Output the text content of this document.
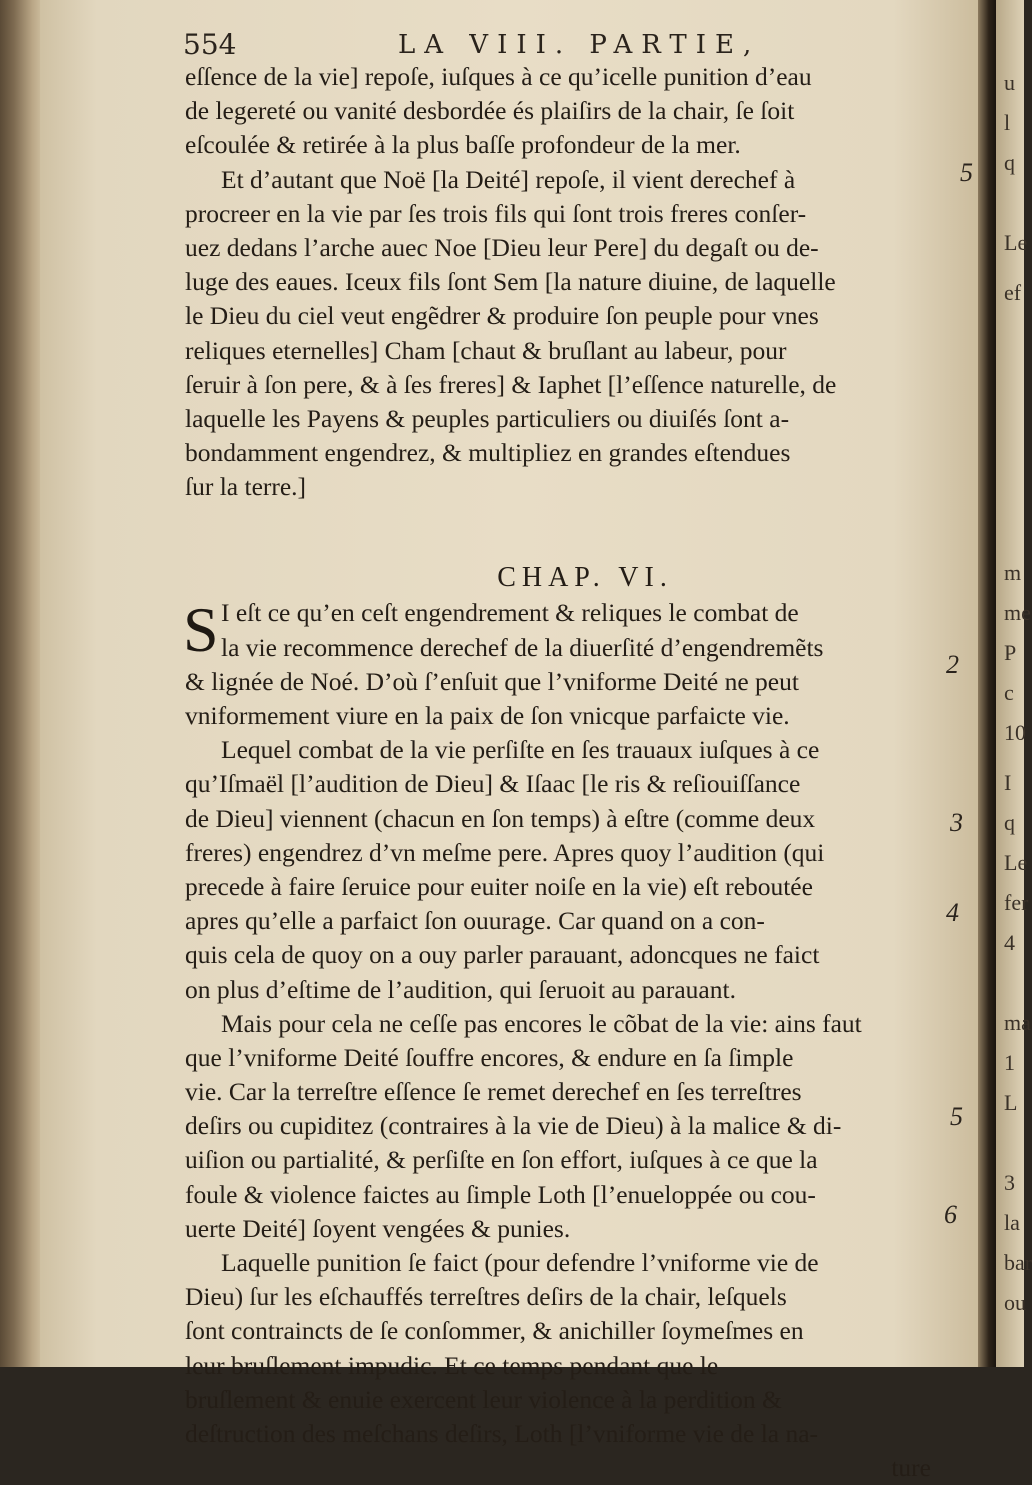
u
l
q
Le
ef
m
me
P
c
10
I
q
Le
fer
4
ma
1
L
3
la
bar
ou
554	LA VIII. PARTIE,
eſſence de la vie] repoſe, iuſques à ce qu’icelle punition d’eau
de legereté ou vanité desbordée és plaiſirs de la chair, ſe ſoit
eſcoulée & retirée à la plus baſſe profondeur de la mer.
Et d’autant que Noë [la Deité] repoſe, il vient derechef à
procreer en la vie par ſes trois fils qui ſont trois freres conſer-
uez dedans l’arche auec Noe [Dieu leur Pere] du degaſt ou de-
luge des eaues. Iceux fils ſont Sem [la nature diuine, de laquelle
le Dieu du ciel veut engẽdrer & produire ſon peuple pour vnes
reliques eternelles] Cham [chaut & bruſlant au labeur, pour
ſeruir à ſon pere, & à ſes freres] & Iaphet [l’eſſence naturelle, de
laquelle les Payens & peuples particuliers ou diuiſés ſont a-
bondamment engendrez, & multipliez en grandes eſtendues
ſur la terre.]
CHAP. VI.
S I eſt ce qu’en ceſt engendrement & reliques le combat de
la vie recommence derechef de la diuerſité d’engendremẽts
& lignée de Noé. D’où ſ’enſuit que l’vniforme Deité ne peut
vniformement viure en la paix de ſon vnicque parfaicte vie.
Lequel combat de la vie perſiſte en ſes trauaux iuſques à ce
qu’Iſmaël [l’audition de Dieu] & Iſaac [le ris & reſiouiſſance
de Dieu] viennent (chacun en ſon temps) à eſtre (comme deux
freres) engendrez d’vn meſme pere. Apres quoy l’audition (qui
precede à faire ſeruice pour euiter noiſe en la vie) eſt reboutée
apres qu’elle a parfaict ſon ouurage. Car quand on a con-
quis cela de quoy on a ouy parler parauant, adoncques ne faict
on plus d’eſtime de l’audition, qui ſeruoit au parauant.
Mais pour cela ne ceſſe pas encores le cõbat de la vie: ains faut
que l’vniforme Deité ſouffre encores, & endure en ſa ſimple
vie. Car la terreſtre eſſence ſe remet derechef en ſes terreſtres
deſirs ou cupiditez (contraires à la vie de Dieu) à la malice & di-
uiſion ou partialité, & perſiſte en ſon effort, iuſques à ce que la
foule & violence faictes au ſimple Loth [l’enueloppée ou cou-
uerte Deité] ſoyent vengées & punies.
Laquelle punition ſe faict (pour defendre l’vniforme vie de
Dieu) ſur les eſchauffés terreſtres deſirs de la chair, leſquels
ſont contraincts de ſe conſommer, & anichiller ſoymeſmes en
leur bruſlement impudic. Et ce temps pendant que le
bruſlement & enuie exercent leur violence à la perdition &
deſtruction des meſchans deſirs, Loth [l’vniforme vie de la na-
ture
5
2
3
4
5
6
